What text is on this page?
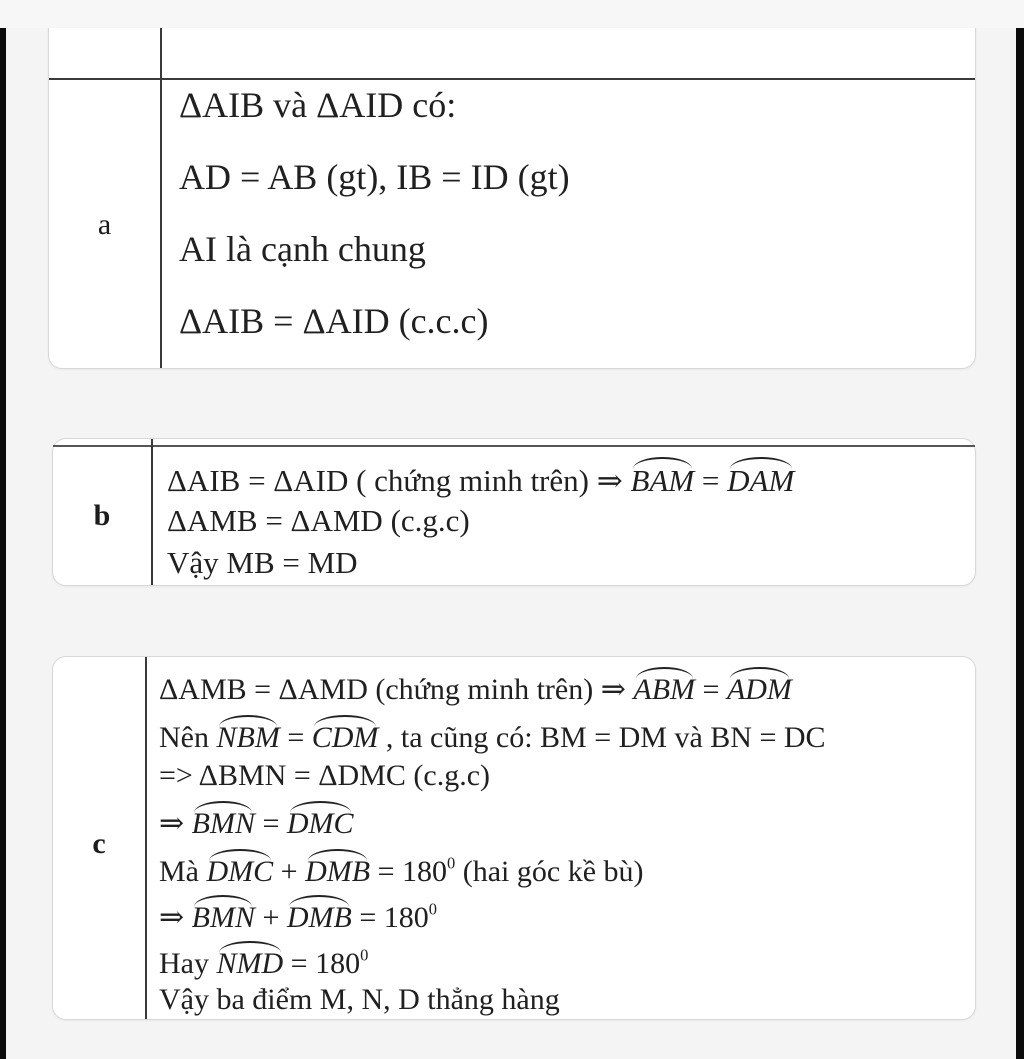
a
ΔAIB và ΔAID có:
AD = AB (gt), IB = ID (gt)
AI là cạnh chung
ΔAIB = ΔAID (c.c.c)
b
ΔAIB = ΔAID ( chứng minh trên) ⇒ BAM = DAM
ΔAMB = ΔAMD (c.g.c)
Vậy MB = MD
c
ΔAMB = ΔAMD (chứng minh trên) ⇒ ABM = ADM
Nên NBM = CDM , ta cũng có: BM = DM và BN = DC
=> ΔBMN = ΔDMC (c.g.c)
⇒ BMN = DMC
Mà DMC + DMB = $180^0$ (hai góc kề bù)
⇒ BMN + DMB = $180^0$
Hay NMD = $180^0$
Vậy ba điểm M, N, D thẳng hàng
